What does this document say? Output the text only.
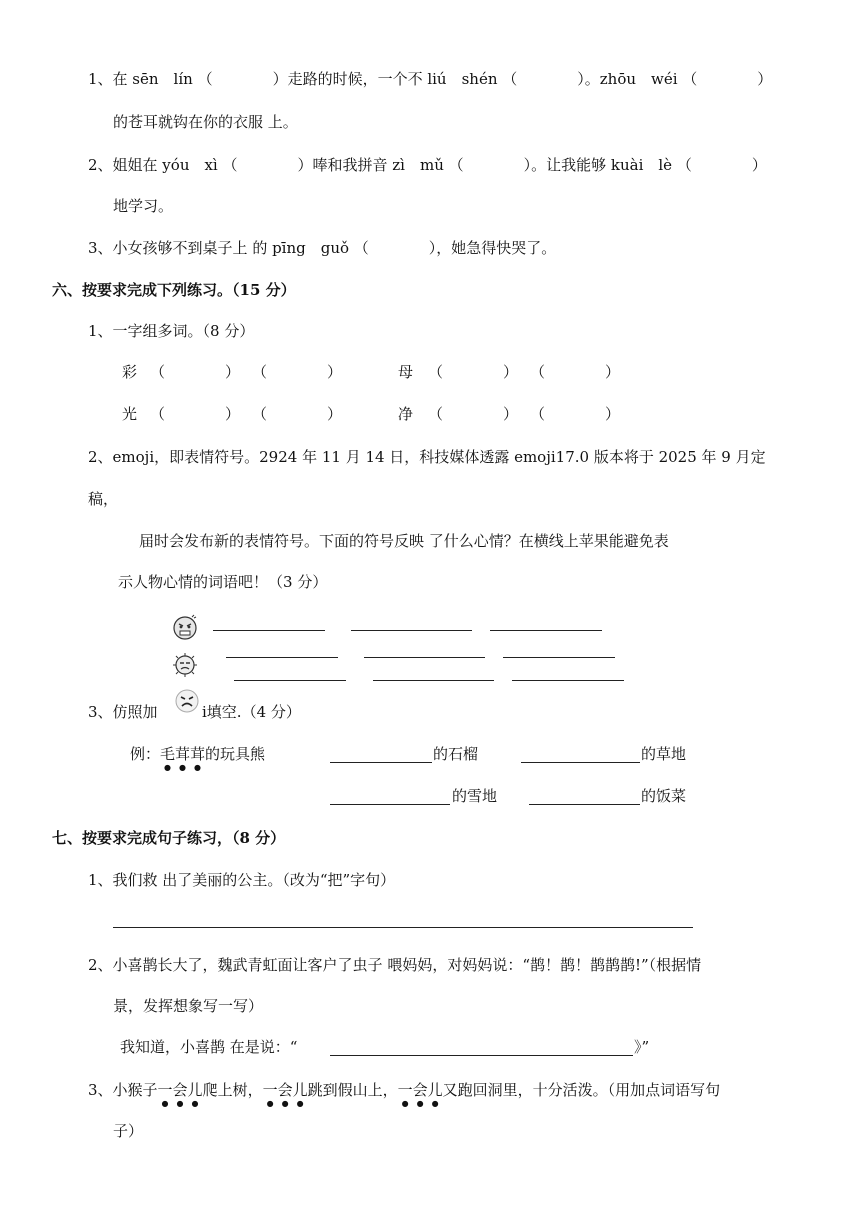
1、在 sēn　lín （　　　　）走路的时候，一个不 liú　shén （　　　　）。zhōu　wéi （　　　　）
的苍耳就钩在你的衣服 上。
2、姐姐在 yóu　xì （　　　　）唪和我拼音 zì　mǔ （　　　　）。让我能够 kuài　lè （　　　　）
地学习。
3、小女孩够不到桌子上 的 pīng　guǒ （　　　　），她急得快哭了。
六、按要求完成下列练习。（15 分）
1、一字组多词。（8 分）
彩 （　　　　） （　　　　）	母 （　　　　） （　　　　）
光 （　　　　） （　　　　）	净 （　　　　） （　　　　）
2、emoji，即表情符号。2924 年 11 月 14 日，科技媒体透露 emoji17.0 版本将于 2025 年 9 月定
稿，
届时会发布新的表情符号。下面的符号反映 了什么心情？在横线上苹果能避免表
示人物心情的词语吧！（3 分）
3、仿照加	i填空.（4 分）
例：毛茸茸的玩具熊	的石榴	的草地
的雪地	的饭菜
七、按要求完成句子练习，（8 分）
1、我们救 出了美丽的公主。（改为“把”字句）
2、小喜鹊长大了，魏武青虹面让客户了虫子 喂妈妈，对妈妈说：“鹊！鹊！鹊鹊鹊!”（根据情
景，发挥想象写一写）
我知道，小喜鹊 在是说：“	》”
3、小猴子一会儿爬上树，一会儿跳到假山上，一会儿又跑回洞里，十分活泼。（用加点词语写句
子）
